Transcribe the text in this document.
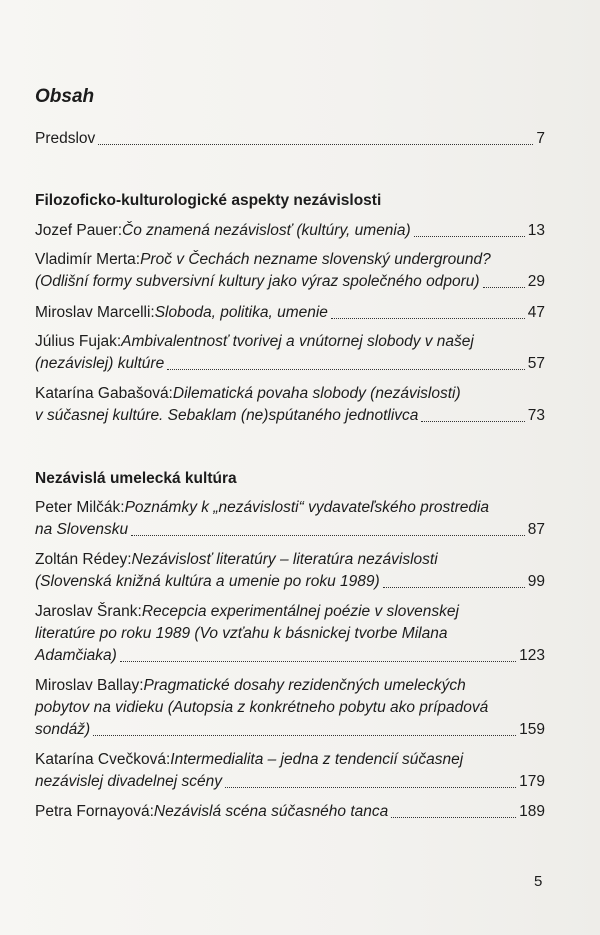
Obsah
Predslov	7
Filozoficko-kulturologické aspekty nezávislosti
Jozef Pauer: Čo znamená nezávislosť (kultúry, umenia)	13
Vladimír Merta: Proč v Čechách nezname slovenský underground?
(Odlišní formy subversivní kultury jako výraz společného odporu)	29
Miroslav Marcelli: Sloboda, politika, umenie	47
Július Fujak: Ambivalentnosť tvorivej a vnútornej slobody v našej
(nezávislej) kultúre	57
Katarína Gabašová: Dilematická povaha slobody (nezávislosti)
v súčasnej kultúre. Sebaklam (ne)spútaného jednotlivca	73
Nezávislá umelecká kultúra
Peter Milčák: Poznámky k „nezávislosti“ vydavateľského prostredia
na Slovensku	87
Zoltán Rédey: Nezávislosť literatúry – literatúra nezávislosti
(Slovenská knižná kultúra a umenie po roku 1989)	99
Jaroslav Šrank: Recepcia experimentálnej poézie v slovenskej
literatúre po roku 1989 (Vo vzťahu k básnickej tvorbe Milana
Adamčiaka)	123
Miroslav Ballay: Pragmatické dosahy rezidenčných umeleckých
pobytov na vidieku (Autopsia z konkrétneho pobytu ako prípadová
sondáž)	159
Katarína Cvečková: Intermedialita – jedna z tendencií súčasnej
nezávislej divadelnej scény	179
Petra Fornayová: Nezávislá scéna súčasného tanca	189
5
